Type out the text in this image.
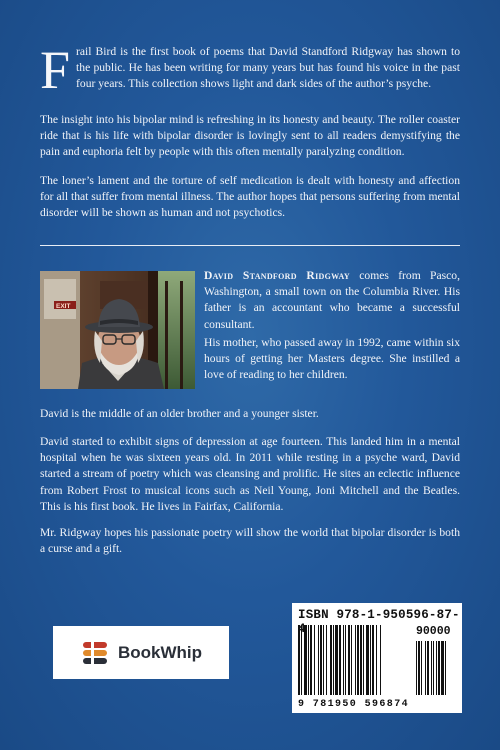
Frail Bird is the first book of poems that David Standford Ridgway has shown to the public. He has been writing for many years but has found his voice in the past four years. This collection shows light and dark sides of the author’s psyche.

The insight into his bipolar mind is refreshing in its honesty and beauty. The roller coaster ride that is his life with bipolar disorder is lovingly sent to all readers demystifying the pain and euphoria felt by people with this often mentally paralyzing condition.

The loner’s lament and the torture of self medication is dealt with honesty and affection for all that suffer from mental illness. The author hopes that persons suffering from mental disorder will be shown as human and not psychotics.

EXIT

David Standford Ridgway comes from Pasco, Washington, a small town on the Columbia River. His father is an accountant who became a successful consultant.

His mother, who passed away in 1992, came within six hours of getting her Masters degree. She instilled a love of reading to her children.

David is the middle of an older brother and a younger sister.

David started to exhibit signs of depression at age fourteen. This landed him in a mental hospital when he was sixteen years old. In 2011 while resting in a psyche ward, David started a stream of poetry which was cleansing and prolific. He sites an eclectic influence from Robert Frost to musical icons such as Neil Young, Joni Mitchell and the Beatles. This is his first book. He lives in Fairfax, California.

Mr. Ridgway hopes his passionate poetry will show the world that bipolar disorder is both a curse and a gift.

BookWhip
ISBN 978-1-950596-87-4	90000
9 781950 596874
